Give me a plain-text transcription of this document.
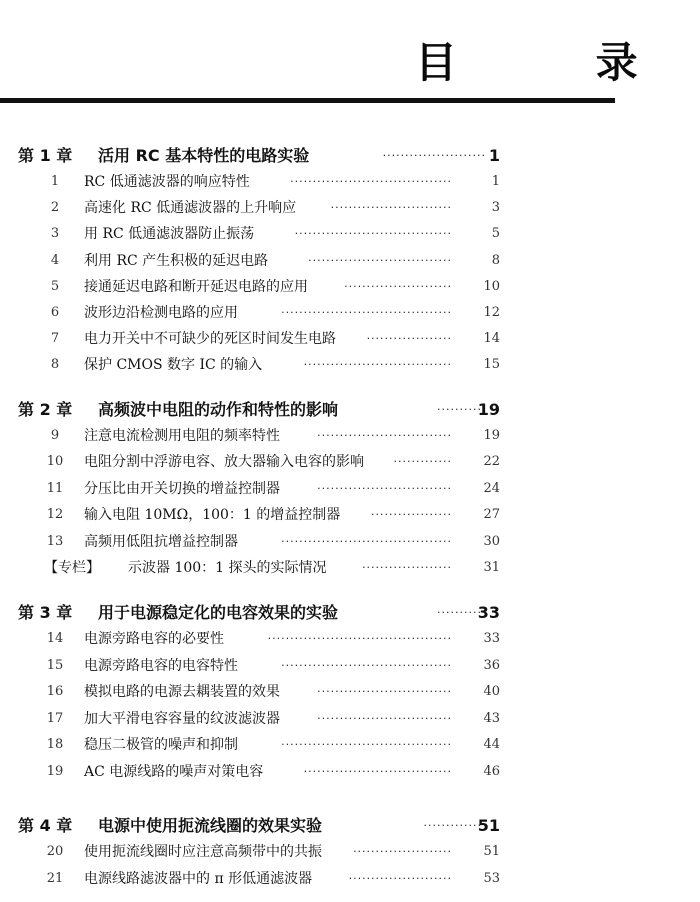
目 录
第 1 章 活用 RC 基本特性的电路实验	1
·······················
1	RC 低通滤波器的响应特性	1
····································
2	高速化 RC 低通滤波器的上升响应	3
···························
3	用 RC 低通滤波器防止振荡	5
···································
4	利用 RC 产生积极的延迟电路	8
································
5	接通延迟电路和断开延迟电路的应用	10
························
6	波形边沿检测电路的应用	12
······································
7	电力开关中不可缺少的死区时间发生电路	14
···················
8	保护 CMOS 数字 IC 的输入	15
·································
第 2 章 高频波中电阻的动作和特性的影响	19
··········
9	注意电流检测用电阻的频率特性	19
······························
10	电阻分割中浮游电容、放大器输入电容的影响	22
·············
11	分压比由开关切换的增益控制器	24
······························
12	输入电阻 10MΩ，100：1 的增益控制器	27
··················
13	高频用低阻抗增益控制器	30
······································
【专栏】 示波器 100：1 探头的实际情况	31
····················
第 3 章 用于电源稳定化的电容效果的实验	33
··········
14	电源旁路电容的必要性	33
·········································
15	电源旁路电容的电容特性	36
······································
16	模拟电路的电源去耦装置的效果	40
······························
17	加大平滑电容容量的纹波滤波器	43
······························
18	稳压二极管的噪声和抑制	44
······································
19	AC 电源线路的噪声对策电容	46
·································
第 4 章 电源中使用扼流线圈的效果实验	51
·············
20	使用扼流线圈时应注意高频带中的共振	51
······················
21	电源线路滤波器中的 π 形低通滤波器	53
·······················
